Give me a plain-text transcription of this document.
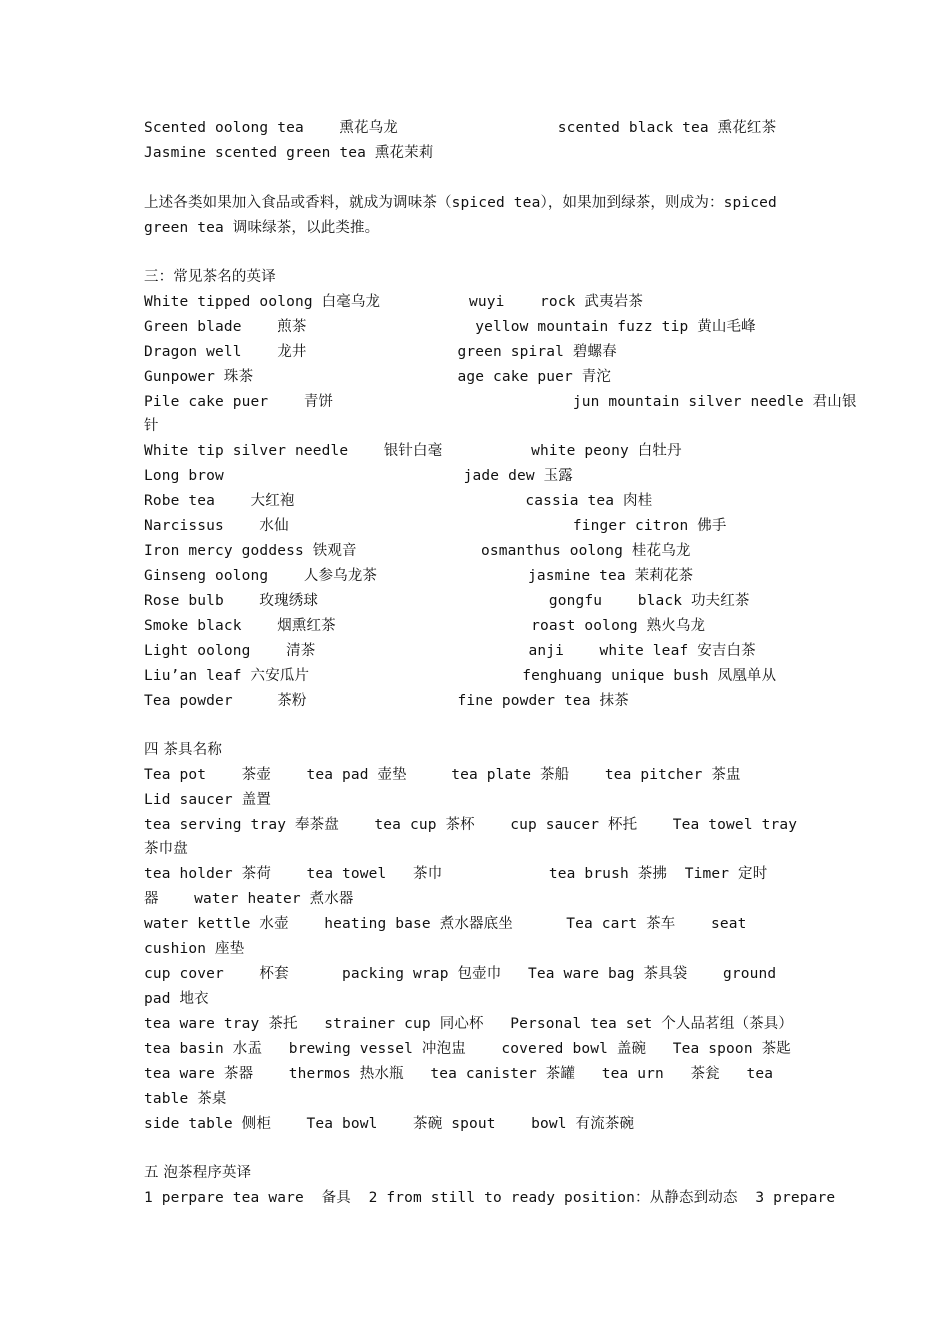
Scented oolong tea    熏花乌龙                  scented black tea 熏花红茶
Jasmine scented green tea 熏花茉莉
上述各类如果加入食品或香料，就成为调味茶（spiced tea），如果加到绿茶，则成为：spiced
green tea 调味绿茶，以此类推。
三：常见茶名的英译
White tipped oolong 白毫乌龙          wuyi    rock 武夷岩茶
Green blade    煎茶                   yellow mountain fuzz tip 黄山毛峰
Dragon well    龙井                 green spiral 碧螺春
Gunpower 珠茶                       age cake puer 青沱
Pile cake puer    青饼                           jun mountain silver needle 君山银
针
White tip silver needle    银针白毫          white peony 白牡丹
Long brow                           jade dew 玉露
Robe tea    大红袍                          cassia tea 肉桂
Narcissus    水仙                                finger citron 佛手
Iron mercy goddess 铁观音              osmanthus oolong 桂花乌龙
Ginseng oolong    人参乌龙茶                 jasmine tea 茉莉花茶
Rose bulb    玫瑰绣球                          gongfu    black 功夫红茶
Smoke black    烟熏红茶                      roast oolong 熟火乌龙
Light oolong    清茶                        anji    white leaf 安吉白茶
Liu’an leaf 六安瓜片                        fenghuang unique bush 凤凰单从
Tea powder     茶粉                 fine powder tea 抹茶
四 茶具名称
Tea pot    茶壶    tea pad 壶垫     tea plate 茶船    tea pitcher 茶盅
Lid saucer 盖置
tea serving tray 奉茶盘    tea cup 茶杯    cup saucer 杯托    Tea towel tray
茶巾盘
tea holder 茶荷    tea towel   茶巾            tea brush 茶拂  Timer 定时
器    water heater 煮水器
water kettle 水壶    heating base 煮水器底坐      Tea cart 茶车    seat
cushion 座垫
cup cover    杯套      packing wrap 包壶巾   Tea ware bag 茶具袋    ground
pad 地衣
tea ware tray 茶托   strainer cup 同心杯   Personal tea set 个人品茗组（茶具）
tea basin 水盂   brewing vessel 冲泡盅    covered bowl 盖碗   Tea spoon 茶匙
tea ware 茶器    thermos 热水瓶   tea canister 茶罐   tea urn   茶瓮   tea
table 茶桌
side table 侧柜    Tea bowl    茶碗 spout    bowl 有流茶碗
五 泡茶程序英译
1 perpare tea ware  备具  2 from still to ready position：从静态到动态  3 prepare
